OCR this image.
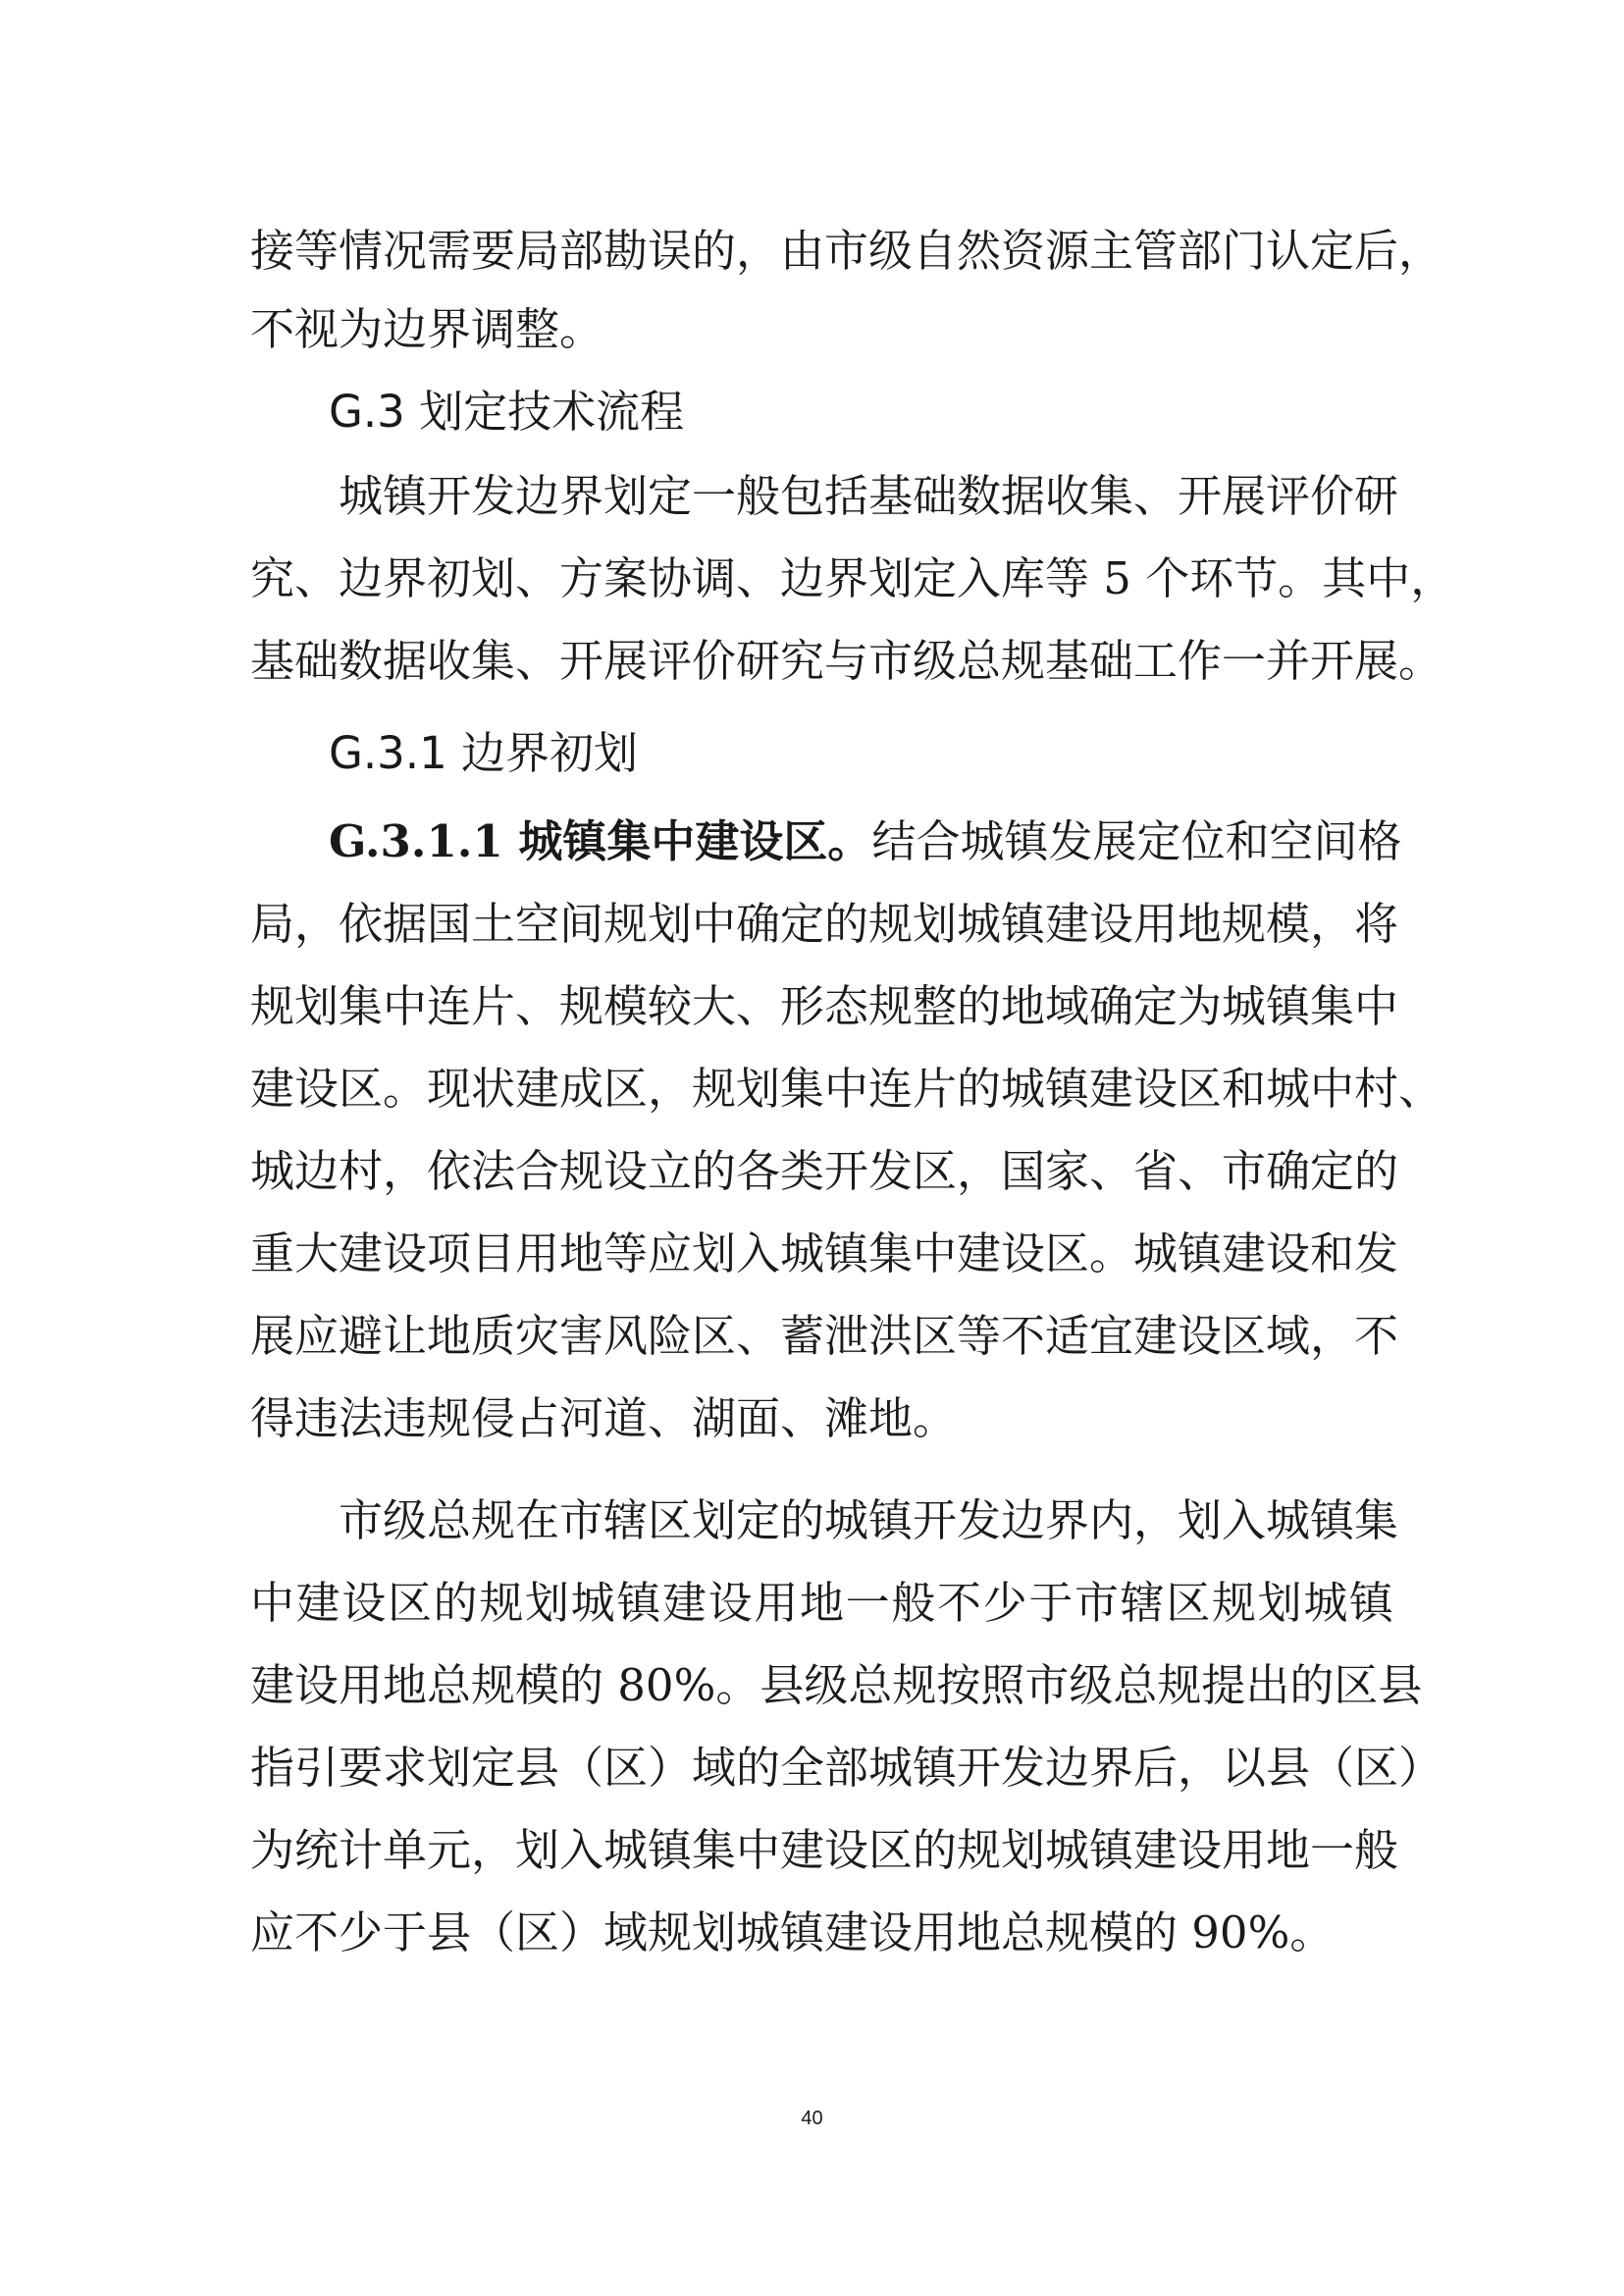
接等情况需要局部勘误的，由市级自然资源主管部门认定后，
不视为边界调整。
G.3 划定技术流程
城镇开发边界划定一般包括基础数据收集、开展评价研
究、边界初划、方案协调、边界划定入库等 5 个环节。其中，
基础数据收集、开展评价研究与市级总规基础工作一并开展。
G.3.1 边界初划
G.3.1.1 城镇集中建设区。结合城镇发展定位和空间格
局，依据国土空间规划中确定的规划城镇建设用地规模，将
规划集中连片、规模较大、形态规整的地域确定为城镇集中
建设区。现状建成区，规划集中连片的城镇建设区和城中村、
城边村，依法合规设立的各类开发区，国家、省、市确定的
重大建设项目用地等应划入城镇集中建设区。城镇建设和发
展应避让地质灾害风险区、蓄泄洪区等不适宜建设区域，不
得违法违规侵占河道、湖面、滩地。
市级总规在市辖区划定的城镇开发边界内，划入城镇集
中建设区的规划城镇建设用地一般不少于市辖区规划城镇
建设用地总规模的 80%。县级总规按照市级总规提出的区县
指引要求划定县（区）域的全部城镇开发边界后，以县（区）
为统计单元，划入城镇集中建设区的规划城镇建设用地一般
应不少于县（区）域规划城镇建设用地总规模的 90%。
40
